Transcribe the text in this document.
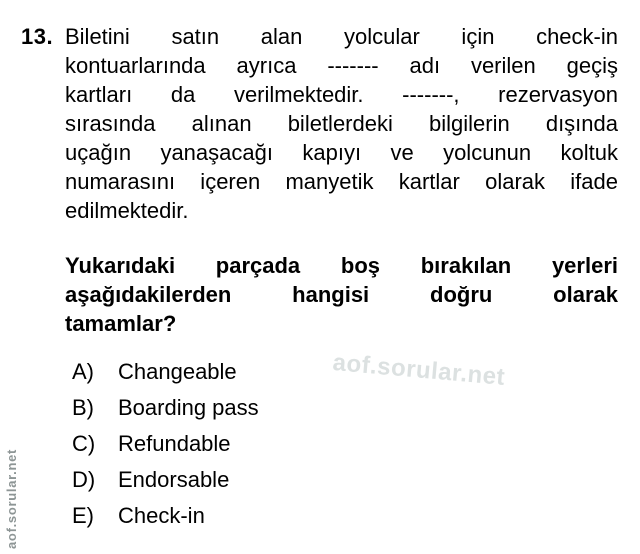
13. Biletini satın alan yolcular için check-in
kontuarlarında ayrıca ------- adı verilen geçiş
kartları da verilmektedir. -------, rezervasyon
sırasında alınan biletlerdeki bilgilerin dışında
uçağın yanaşacağı kapıyı ve yolcunun koltuk
numarasını içeren manyetik kartlar olarak ifade
edilmektedir.
Yukarıdaki parçada boş bırakılan yerleri
aşağıdakilerden hangisi doğru olarak
tamamlar?
A)	Changeable
B)	Boarding pass
C)	Refundable
D)	Endorsable
E)	Check-in
aof.sorular.net
aof.sorular.net
